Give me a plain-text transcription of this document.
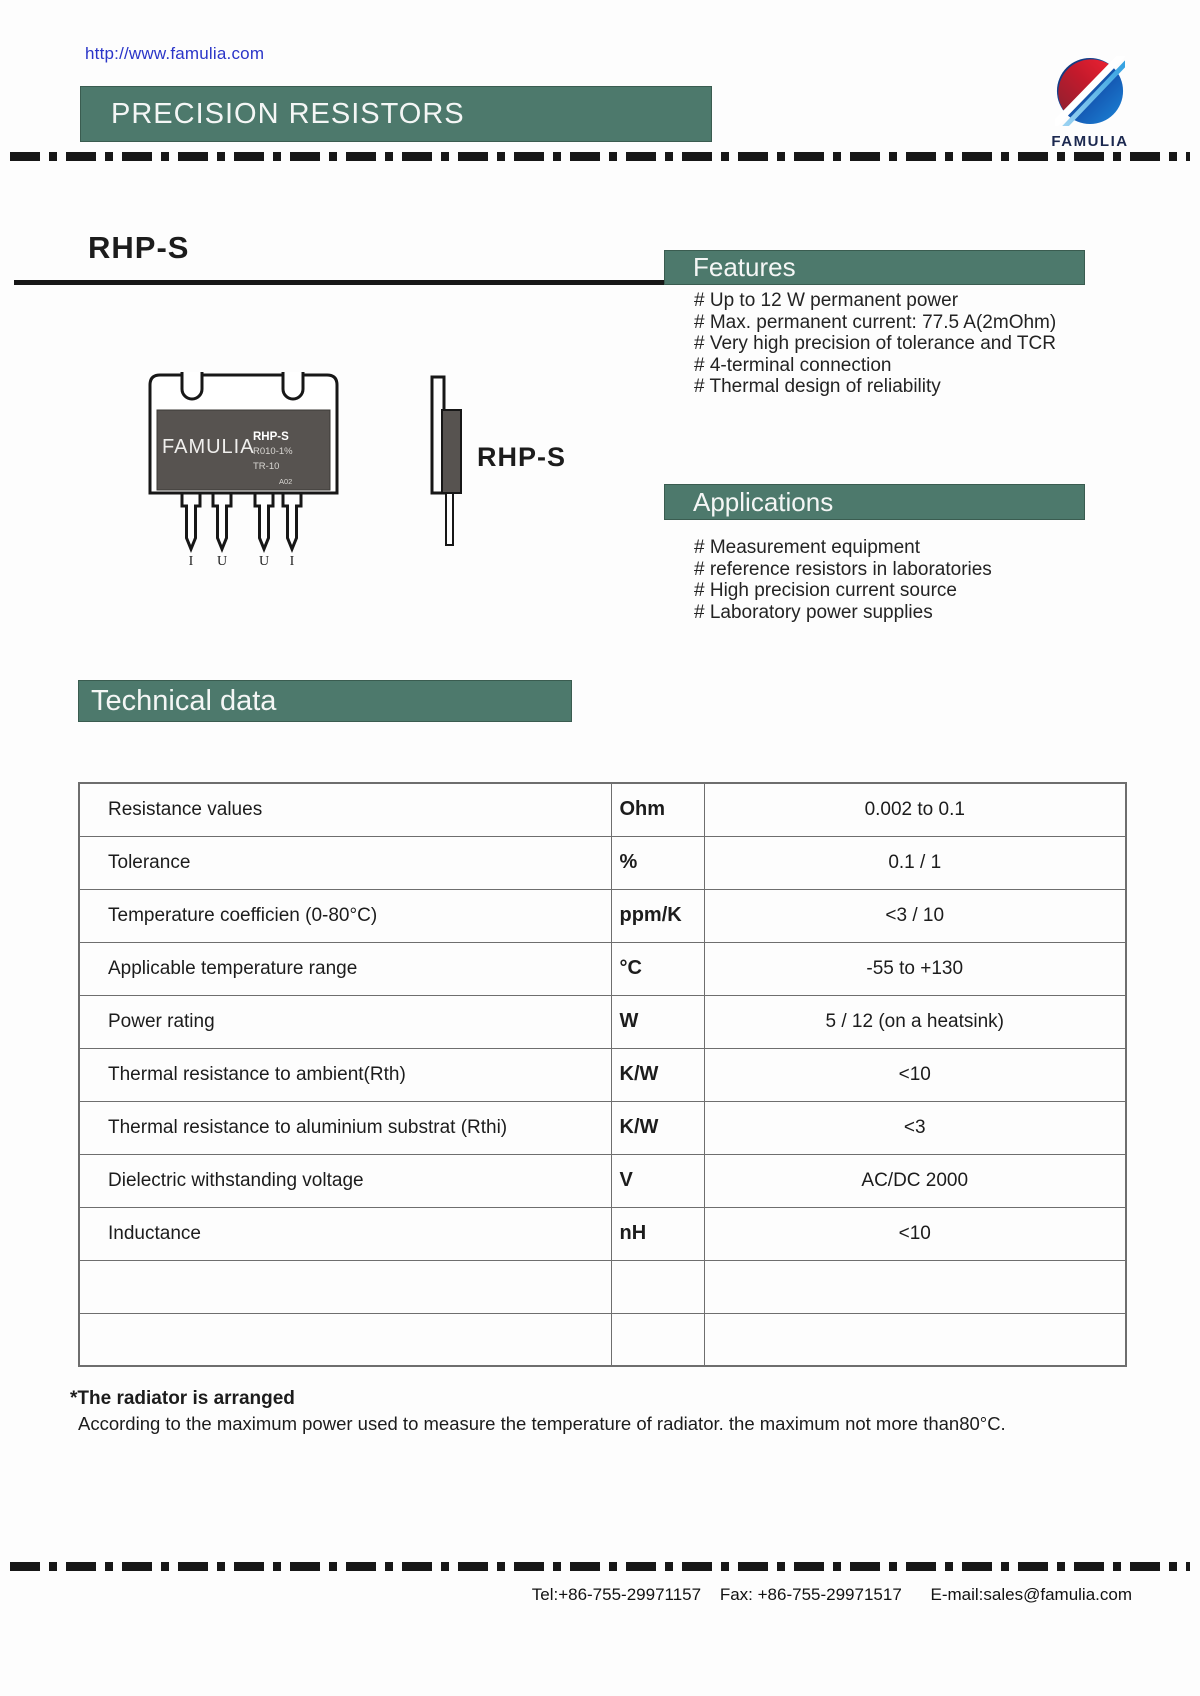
http://www.famulia.com
PRECISION RESISTORS
FAMULIA
RHP-S
FAMULIA
RHP-S
R010-1%
TR-10
A02
I U U I
RHP-S
Features
# Up to 12 W permanent power
# Max. permanent current: 77.5 A(2mOhm)
# Very high precision of tolerance and TCR
# 4-terminal connection
# Thermal design of reliability
Applications
# Measurement equipment
# reference resistors in laboratories
# High precision current source
# Laboratory power supplies
Technical data
Resistance values	Ohm	0.002 to 0.1
Tolerance	%	0.1 / 1
Temperature coefficien (0-80°C)	ppm/K	<3 / 10
Applicable temperature range	°C	-55 to +130
Power rating	W	5 / 12 (on a heatsink)
Thermal resistance to ambient(Rth)	K/W	<10
Thermal resistance to aluminium substrat (Rthi)	K/W	<3
Dielectric withstanding voltage	V	AC/DC 2000
Inductance	nH	<10

*The radiator is arranged
According to the maximum power used to measure the temperature of radiator. the maximum not more than80°C.
Tel:+86-755-29971157 Fax: +86-755-29971517 E-mail:sales@famulia.com
